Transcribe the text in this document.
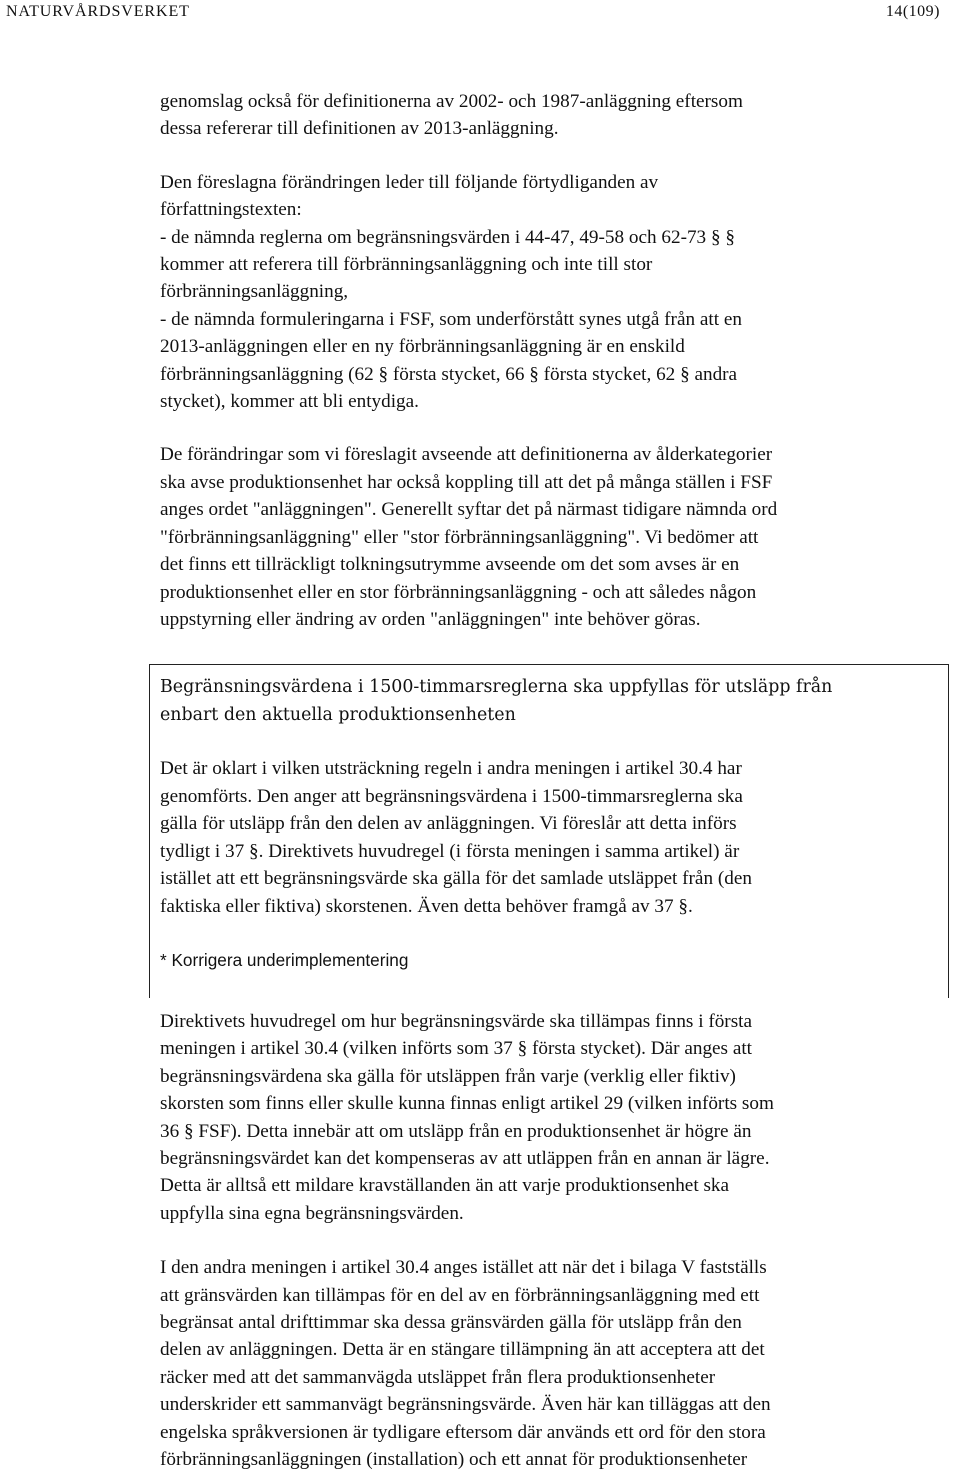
NATURVÅRDSVERKET	14(109)

genomslag också för definitionerna av 2002- och 1987-anläggning eftersom
dessa refererar till definitionen av 2013-anläggning.

Den föreslagna förändringen leder till följande förtydliganden av
författningstexten:
- de nämnda reglerna om begränsningsvärden i 44-47, 49-58 och 62-73 § §
kommer att referera till förbränningsanläggning och inte till stor
förbränningsanläggning,
- de nämnda formuleringarna i FSF, som underförstått synes utgå från att en
2013-anläggningen eller en ny förbränningsanläggning är en enskild
förbränningsanläggning (62 § första stycket, 66 § första stycket, 62 § andra
stycket), kommer att bli entydiga.

De förändringar som vi föreslagit avseende att definitionerna av ålderkategorier
ska avse produktionsenhet har också koppling till att det på många ställen i FSF
anges ordet "anläggningen". Generellt syftar det på närmast tidigare nämnda ord
"förbränningsanläggning" eller "stor förbränningsanläggning". Vi bedömer att
det finns ett tillräckligt tolkningsutrymme avseende om det som avses är en
produktionsenhet eller en stor förbränningsanläggning - och att således någon
uppstyrning eller ändring av orden "anläggningen" inte behöver göras.

Begränsningsvärdena i 1500-timmarsreglerna ska uppfyllas för utsläpp från
enbart den aktuella produktionsenheten
Det är oklart i vilken utsträckning regeln i andra meningen i artikel 30.4 har
genomförts. Den anger att begränsningsvärdena i 1500-timmarsreglerna ska
gälla för utsläpp från den delen av anläggningen. Vi föreslår att detta införs
tydligt i 37 §. Direktivets huvudregel (i första meningen i samma artikel) är
istället att ett begränsningsvärde ska gälla för det samlade utsläppet från (den
faktiska eller fiktiva) skorstenen. Även detta behöver framgå av 37 §.
* Korrigera underimplementering

Direktivets huvudregel om hur begränsningsvärde ska tillämpas finns i första
meningen i artikel 30.4 (vilken införts som 37 § första stycket). Där anges att
begränsningsvärdena ska gälla för utsläppen från varje (verklig eller fiktiv)
skorsten som finns eller skulle kunna finnas enligt artikel 29 (vilken införts som
36 § FSF). Detta innebär att om utsläpp från en produktionsenhet är högre än
begränsningsvärdet kan det kompenseras av att utläppen från en annan är lägre.
Detta är alltså ett mildare kravställanden än att varje produktionsenhet ska
uppfylla sina egna begränsningsvärden.

I den andra meningen i artikel 30.4 anges istället att när det i bilaga V fastställs
att gränsvärden kan tillämpas för en del av en förbränningsanläggning med ett
begränsat antal drifttimmar ska dessa gränsvärden gälla för utsläpp från den
delen av anläggningen. Detta är en stängare tillämpning än att acceptera att det
räcker med att det sammanvägda utsläppet från flera produktionsenheter
underskrider ett sammanvägt begränsningsvärde. Även här kan tilläggas att den
engelska språkversionen är tydligare eftersom där används ett ord för den stora
förbränningsanläggningen (installation) och ett annat för produktionsenheter
